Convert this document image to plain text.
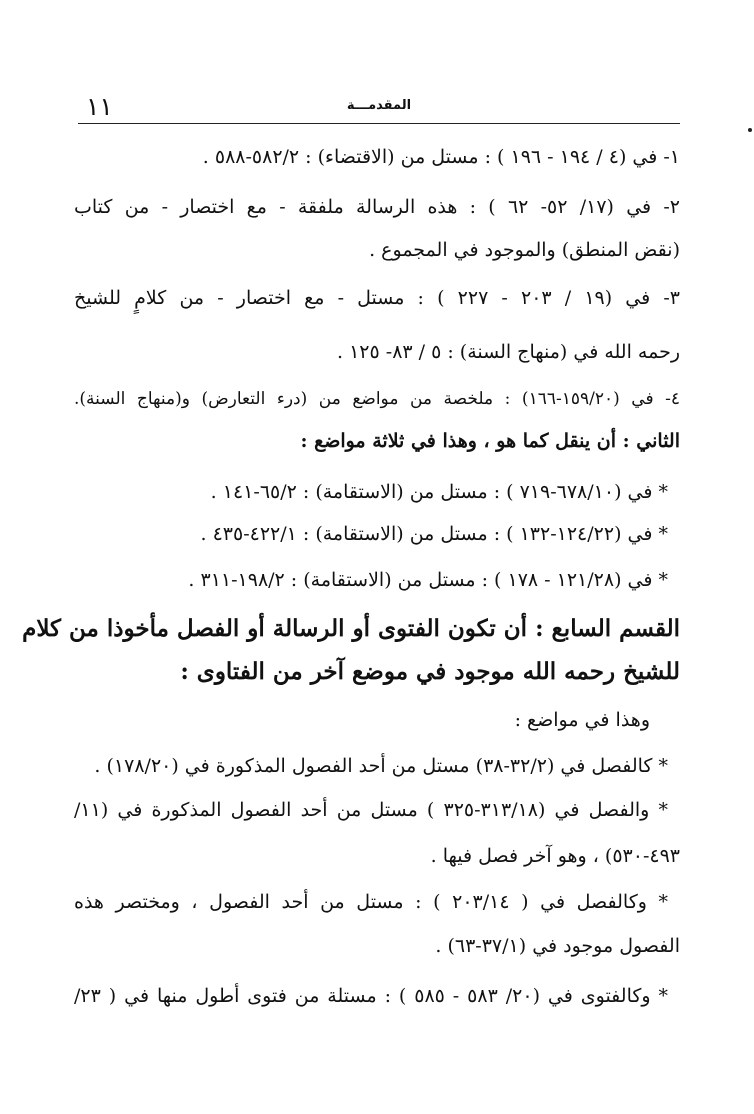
١١	المقدمـــة
١- في (٤ / ١٩٤ - ١٩٦ ) : مستل من (الاقتضاء) : ٥٨٢/٢-٥٨٨ .
٢- في (١٧/ ٥٢- ٦٢ ) : هذه الرسالة ملفقة - مع اختصار - من كتاب
(نقض المنطق) والموجود في المجموع .
٣- في (١٩ / ٢٠٣ - ٢٢٧ ) : مستل - مع اختصار - من كلامٍ للشيخ
رحمه الله في (منهاج السنة) : ٥ / ٨٣- ١٢٥ .
٤- في (١٥٩/٢٠-١٦٦) : ملخصة من مواضع من (درء التعارض) و(منهاج السنة).
الثاني : أن ينقل كما هو ، وهذا في ثلاثة مواضع :
* في (٦٧٨/١٠-٧١٩ ) : مستل من (الاستقامة) : ٦٥/٢-١٤١ .
* في (١٢٤/٢٢-١٣٢ ) : مستل من (الاستقامة) : ٤٢٢/١-٤٣٥ .
* في (١٢١/٢٨ - ١٧٨ ) : مستل من (الاستقامة) : ١٩٨/٢-٣١١ .
القسم السابع : أن تكون الفتوى أو الرسالة أو الفصل مأخوذا من كلام
للشيخ رحمه الله موجود في موضع آخر من الفتاوى :
وهذا في مواضع :
* كالفصل في (٣٢/٢-٣٨) مستل من أحد الفصول المذكورة في (١٧٨/٢٠) .
* والفصل في (٣١٣/١٨-٣٢٥ ) مستل من أحد الفصول المذكورة في (١١/
٤٩٣-٥٣٠) ، وهو آخر فصل فيها .
* وكالفصل في ( ٢٠٣/١٤ ) : مستل من أحد الفصول ، ومختصر هذه
الفصول موجود في (٣٧/١-٦٣) .
* وكالفتوى في (٢٠/ ٥٨٣ - ٥٨٥ ) : مستلة من فتوى أطول منها في ( ٢٣/
